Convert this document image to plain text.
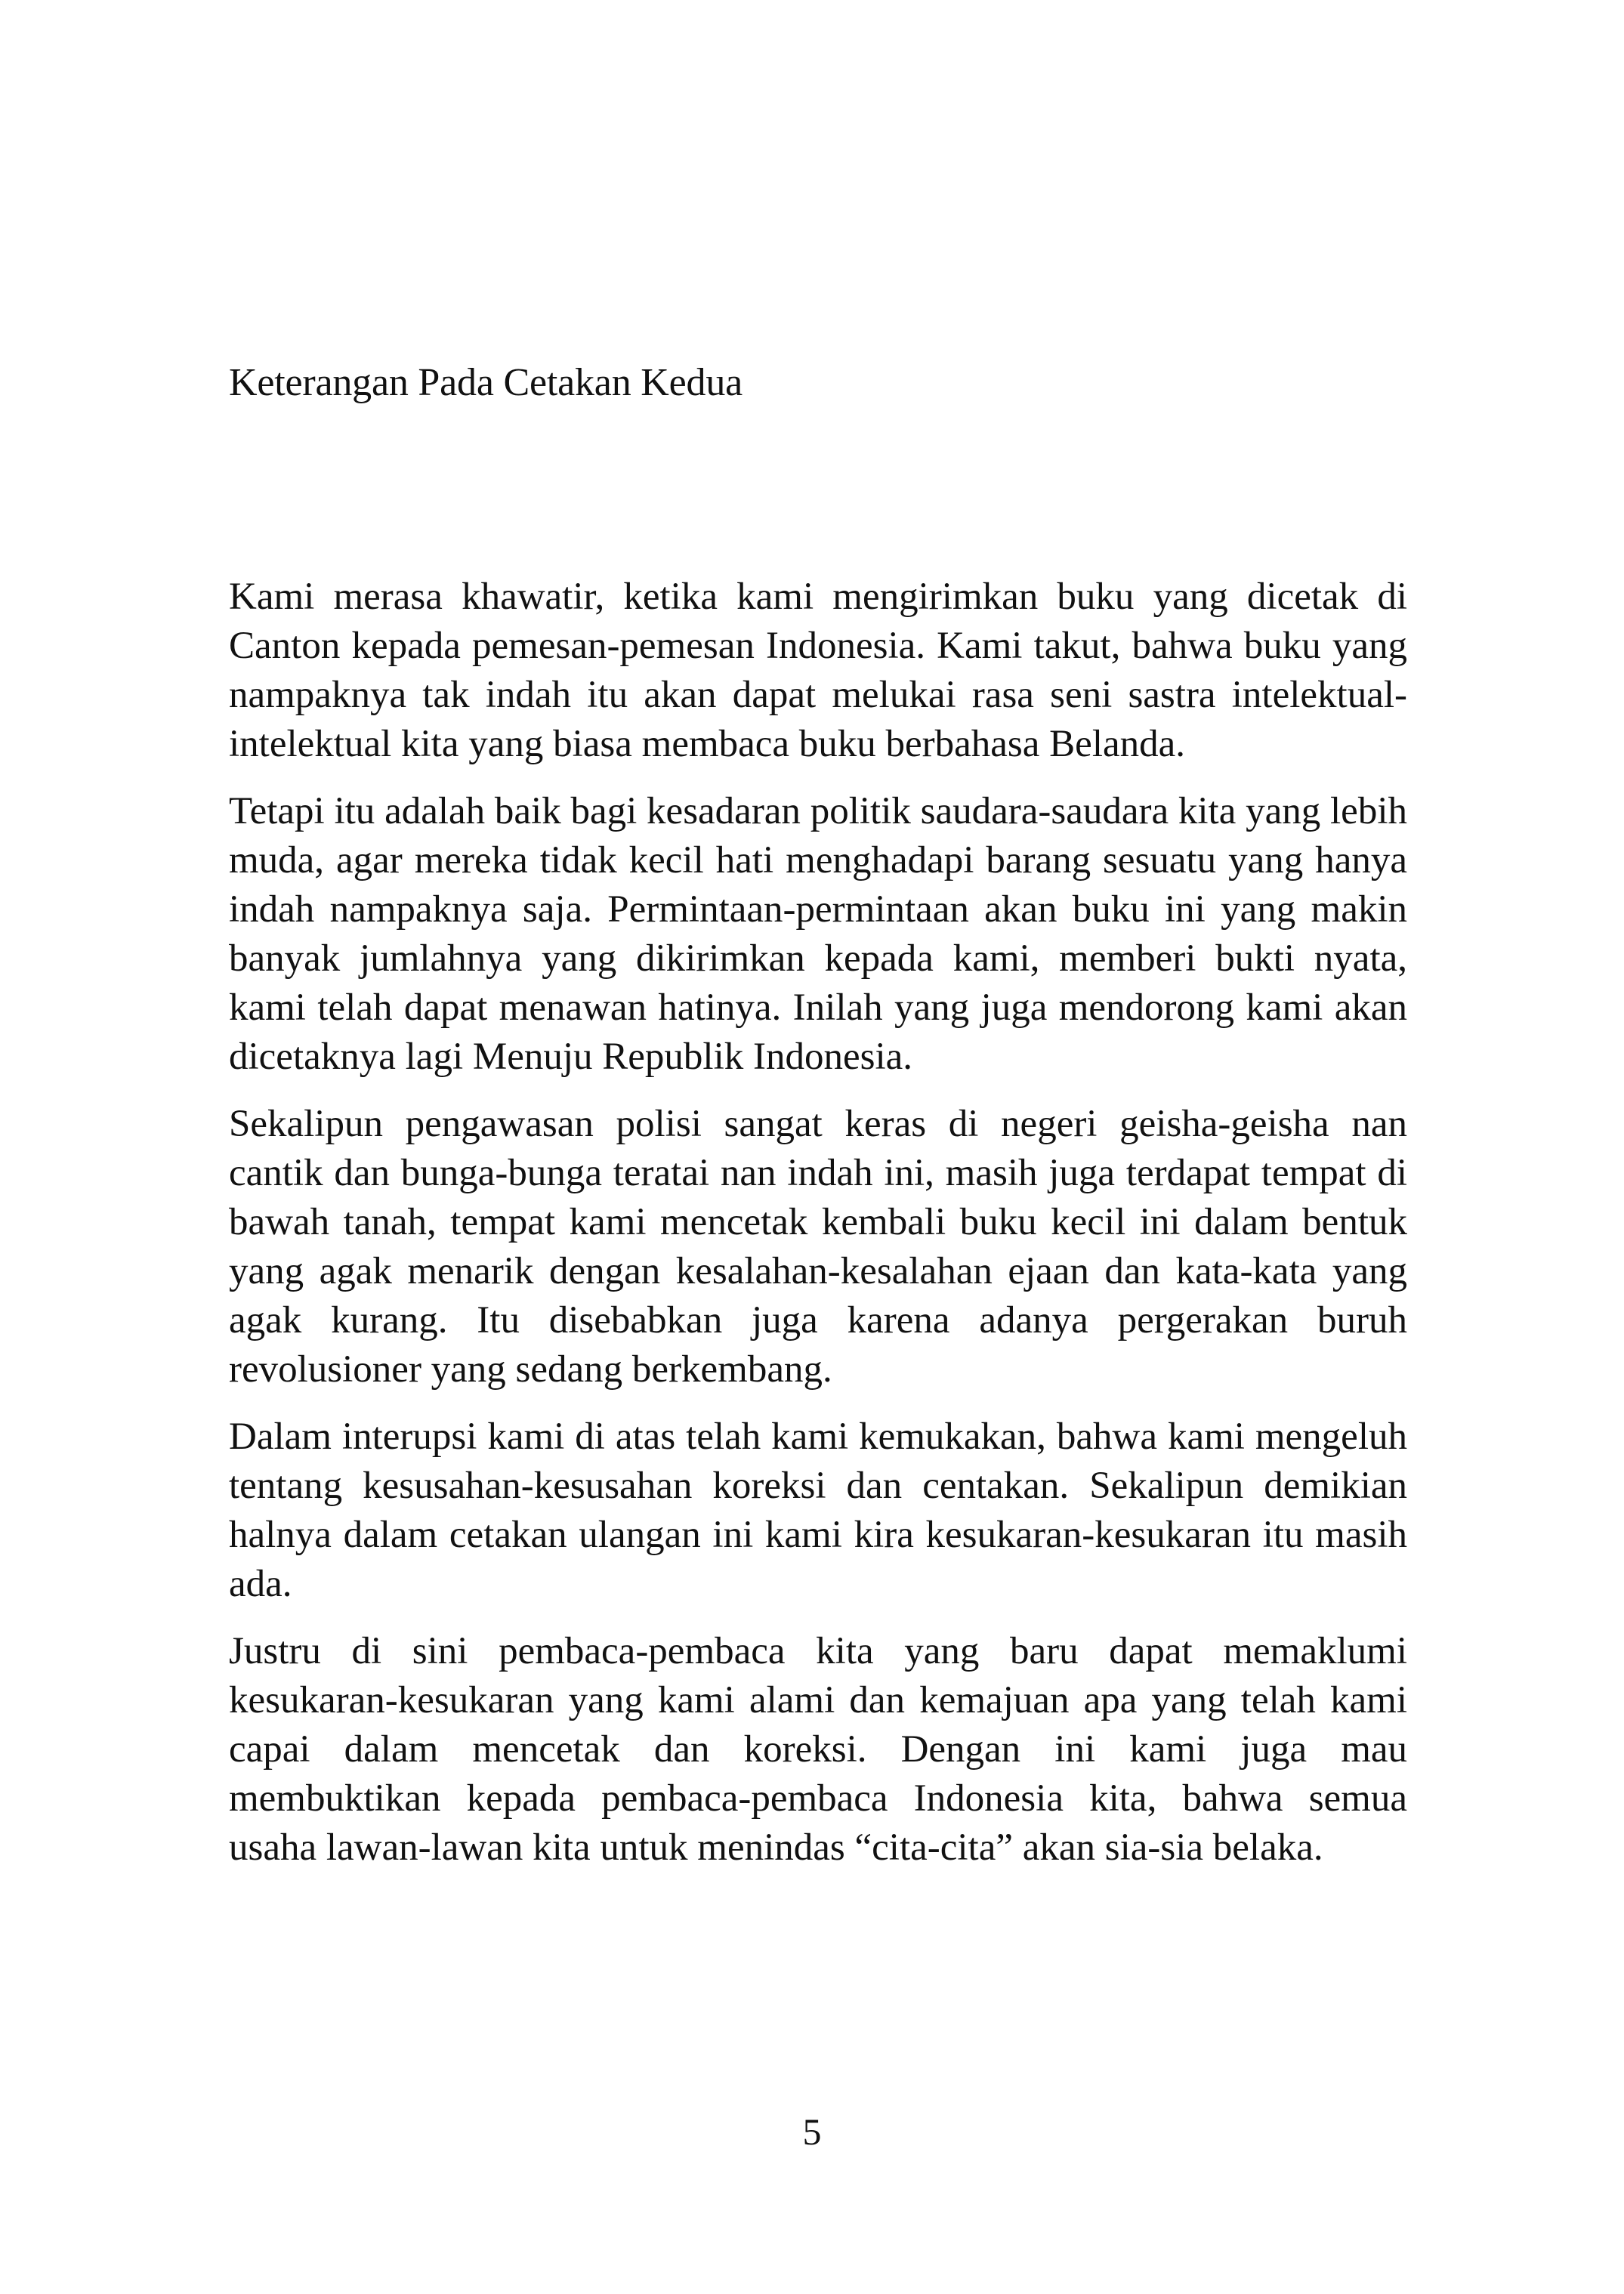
Keterangan Pada Cetakan Kedua

Kami merasa khawatir, ketika kami mengirimkan buku yang dicetak di Canton kepada pemesan-pemesan Indonesia. Kami takut, bahwa buku yang nampaknya tak indah itu akan dapat melukai rasa seni sastra intelektual-intelektual kita yang biasa membaca buku berbahasa Belanda.

Tetapi itu adalah baik bagi kesadaran politik saudara-saudara kita yang lebih muda, agar mereka tidak kecil hati menghadapi barang sesuatu yang hanya indah nampaknya saja. Permintaan-permintaan akan buku ini yang makin banyak jumlahnya yang dikirimkan kepada kami, memberi bukti nyata, kami telah dapat menawan hatinya. Inilah yang juga mendorong kami akan dicetaknya lagi Menuju Republik Indonesia.

Sekalipun pengawasan polisi sangat keras di negeri geisha-geisha nan cantik dan bunga-bunga teratai nan indah ini, masih juga terdapat tempat di bawah tanah, tempat kami mencetak kembali buku kecil ini dalam bentuk yang agak menarik dengan kesalahan-kesalahan ejaan dan kata-kata yang agak kurang. Itu disebabkan juga karena adanya pergerakan buruh revolusioner yang sedang berkembang.

Dalam interupsi kami di atas telah kami kemukakan, bahwa kami mengeluh tentang kesusahan-kesusahan koreksi dan centakan. Sekalipun demikian halnya dalam cetakan ulangan ini kami kira kesukaran-kesukaran itu masih ada.

Justru di sini pembaca-pembaca kita yang baru dapat memaklumi kesukaran-kesukaran yang kami alami dan kemajuan apa yang telah kami capai dalam mencetak dan koreksi. Dengan ini kami juga mau membuktikan kepada pembaca-pembaca Indonesia kita, bahwa semua usaha lawan-lawan kita untuk menindas “cita-cita” akan sia-sia belaka.

5
